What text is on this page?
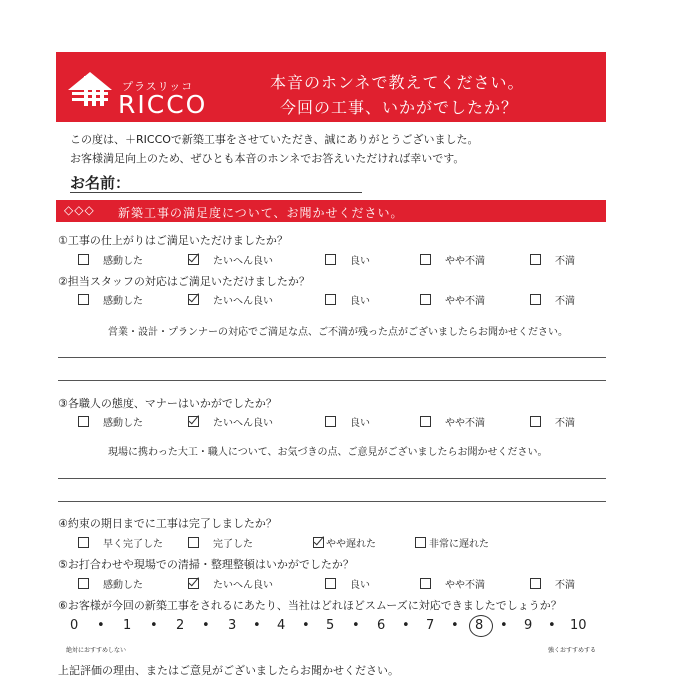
プラスリッコ
RICCO
本音のホンネで教えてください。
今回の工事、いかがでしたか？
この度は、＋RICCOで新築工事をさせていただき、誠にありがとうございました。
お客様満足向上のため、ぜひとも本音のホンネでお答えいただければ幸いです。
お名前：
◇◇◇ 新築工事の満足度について、お聞かせください。
①工事の仕上がりはご満足いただけましたか？
感動した	たいへん良い	良い	やや不満	不満
②担当スタッフの対応はご満足いただけましたか？
感動した	たいへん良い	良い	やや不満	不満
営業・設計・プランナーの対応でご満足な点、ご不満が残った点がございましたらお聞かせください。
③各職人の態度、マナーはいかがでしたか？
感動した	たいへん良い	良い	やや不満	不満
現場に携わった大工・職人について、お気づきの点、ご意見がございましたらお聞かせください。
④約束の期日までに工事は完了しましたか？
早く完了した	完了した	やや遅れた	非常に遅れた
⑤お打合わせや現場での清掃・整理整頓はいかがでしたか？
感動した	たいへん良い	良い	やや不満	不満
⑥お客様が今回の新築工事をされるにあたり、当社はどれほどスムーズに対応できましたでしょうか？
0 • 1 • 2 • 3 • 4 • 5 • 6 • 7 • 8 • 9 • 10
絶対におすすめしない	強くおすすめする
上記評価の理由、またはご意見がございましたらお聞かせください。
